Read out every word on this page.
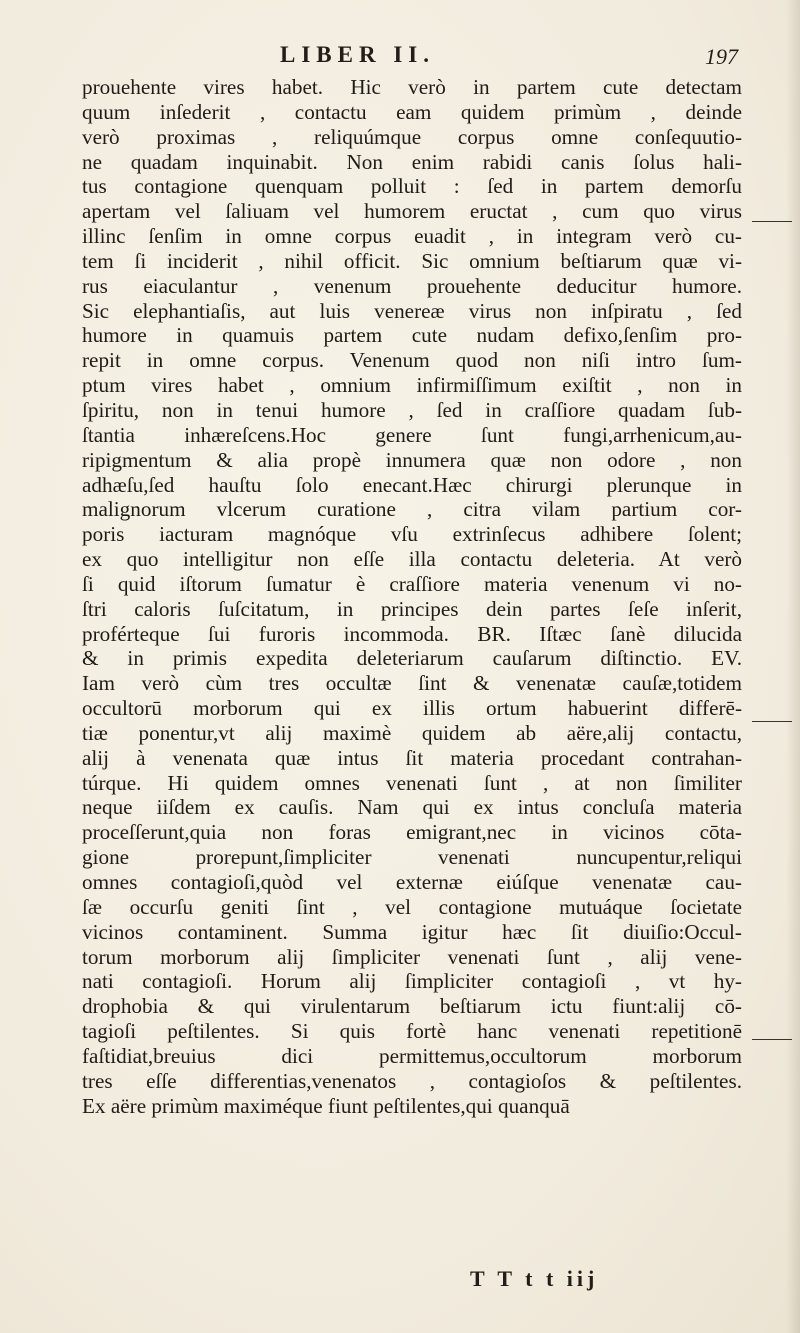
LIBER II.	197
prouehente vires habet. Hic verò in partem cute detectam
quum inſederit , contactu eam quidem primùm , deinde
verò proximas , reliquúmque corpus omne conſequutio-
ne quadam inquinabit. Non enim rabidi canis ſolus hali-
tus contagione quenquam polluit : ſed in partem demorſu
apertam vel ſaliuam vel humorem eructat , cum quo virus
illinc ſenſim in omne corpus euadit , in integram verò cu-
tem ſi inciderit , nihil officit. Sic omnium beſtiarum quæ vi-
rus eiaculantur , venenum prouehente deducitur humore.
Sic elephantiaſis, aut luis venereæ virus non inſpiratu , ſed
humore in quamuis partem cute nudam defixo,ſenſim pro-
repit in omne corpus. Venenum quod non niſi intro ſum-
ptum vires habet , omnium infirmiſſimum exiſtit , non in
ſpiritu, non in tenui humore , ſed in craſſiore quadam ſub-
ſtantia inhæreſcens.Hoc genere ſunt fungi,arrhenicum,au-
ripigmentum & alia propè innumera quæ non odore , non
adhæſu,ſed hauſtu ſolo enecant.Hæc chirurgi plerunque in
malignorum vlcerum curatione , citra vilam partium cor-
poris iacturam magnóque vſu extrinſecus adhibere ſolent;
ex quo intelligitur non eſſe illa contactu deleteria. At verò
ſi quid iſtorum ſumatur è craſſiore materia venenum vi no-
ſtri caloris ſuſcitatum, in principes dein partes ſeſe inſerit,
proférteque ſui furoris incommoda. BR. Iſtæc ſanè dilucida
& in primis expedita deleteriarum cauſarum diſtinctio. EV.
Iam verò cùm tres occultæ ſint & venenatæ cauſæ,totidem
occultorū morborum qui ex illis ortum habuerint differē-
tiæ ponentur,vt alij maximè quidem ab aëre,alij contactu,
alij à venenata quæ intus ſit materia procedant contrahan-
túrque. Hi quidem omnes venenati ſunt , at non ſimiliter
neque iiſdem ex cauſis. Nam qui ex intus concluſa materia
proceſſerunt,quia non foras emigrant,nec in vicinos cōta-
gione prorepunt,ſimpliciter venenati nuncupentur,reliqui
omnes contagioſi,quòd vel externæ eiúſque venenatæ cau-
ſæ occurſu geniti ſint , vel contagione mutuáque ſocietate
vicinos contaminent. Summa igitur hæc ſit diuiſio:Occul-
torum morborum alij ſimpliciter venenati ſunt , alij vene-
nati contagioſi. Horum alij ſimpliciter contagioſi , vt hy-
drophobia & qui virulentarum beſtiarum ictu fiunt:alij cō-
tagioſi peſtilentes. Si quis fortè hanc venenati repetitionē
faſtidiat,breuius dici permittemus,occultorum morborum
tres eſſe differentias,venenatos , contagioſos & peſtilentes.
Ex aëre primùm maximéque fiunt peſtilentes,qui quanquā
T T t t iij
